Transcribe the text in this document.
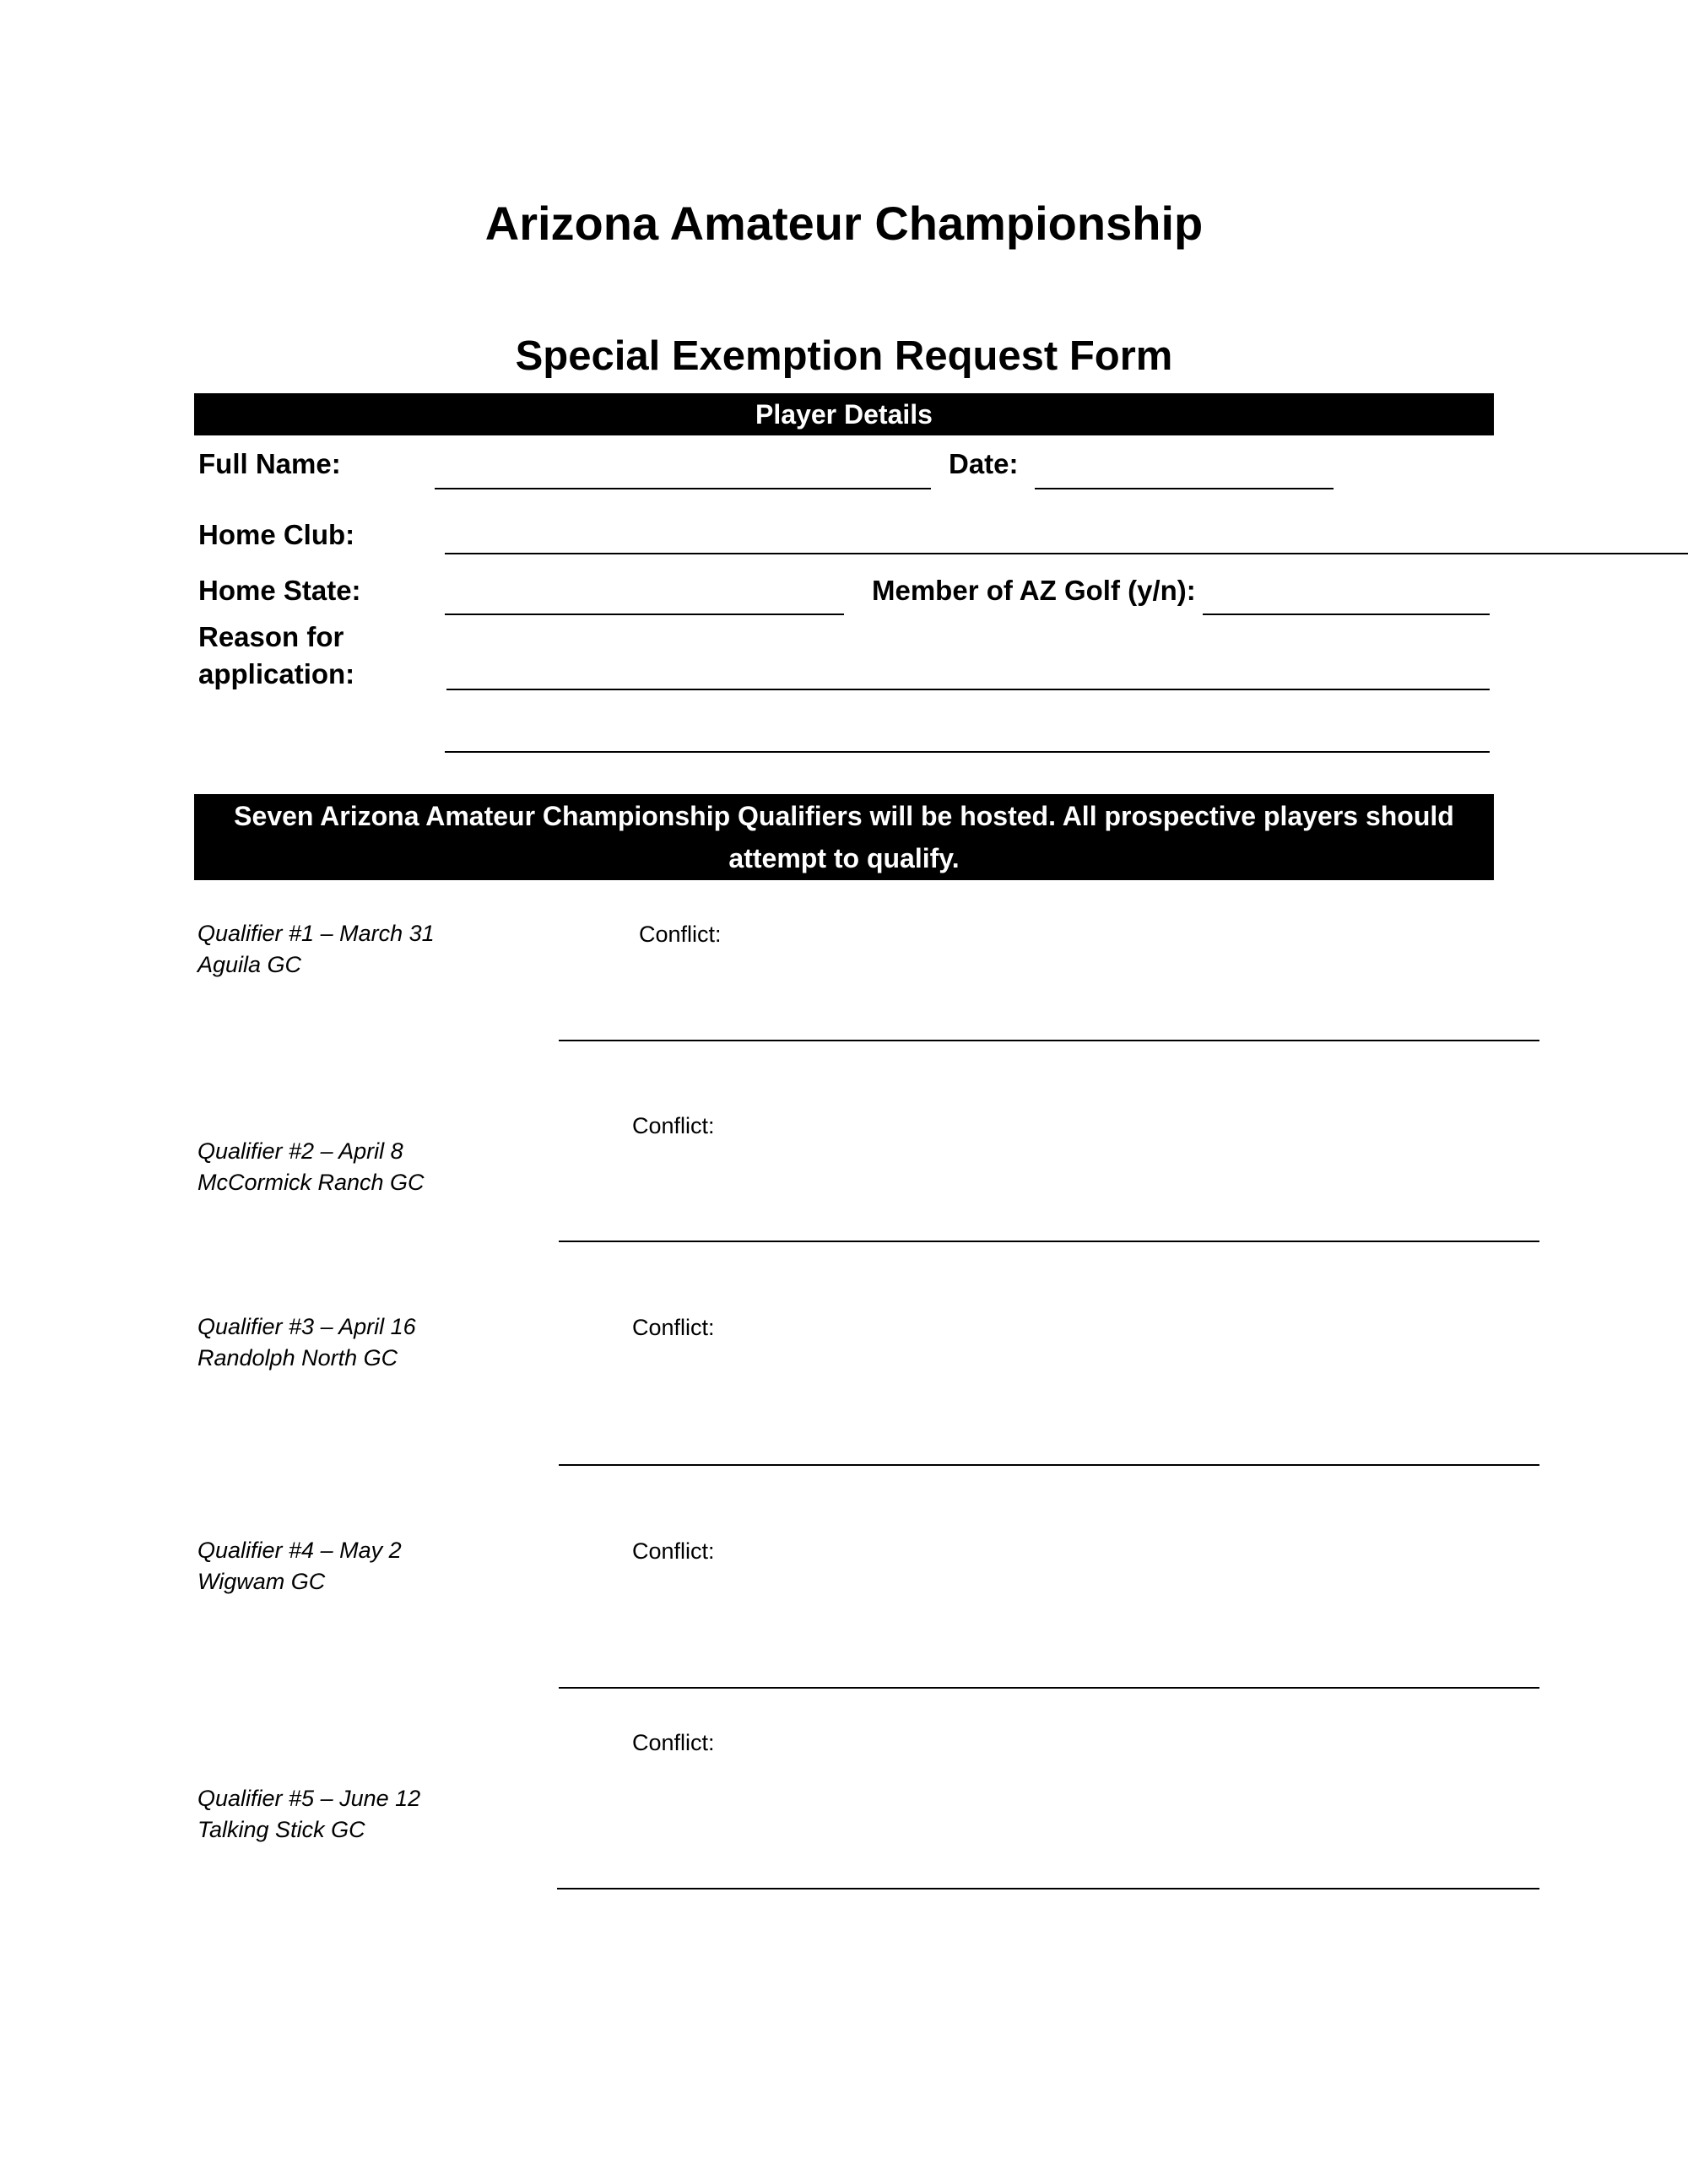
Arizona Amateur Championship
Special Exemption Request Form
Player Details
Full Name:	Date:
Home Club:
Home State:	Member of AZ Golf (y/n):
Reason for
application:
Seven Arizona Amateur Championship Qualifiers will be hosted. All prospective players should
attempt to qualify.
Qualifier #1 – March 31
Aguila GC
Conflict:
Qualifier #2 – April 8
McCormick Ranch GC
Conflict:
Qualifier #3 – April 16
Randolph North GC
Conflict:
Qualifier #4 – May 2
Wigwam GC
Conflict:
Qualifier #5 – June 12
Talking Stick GC
Conflict:
